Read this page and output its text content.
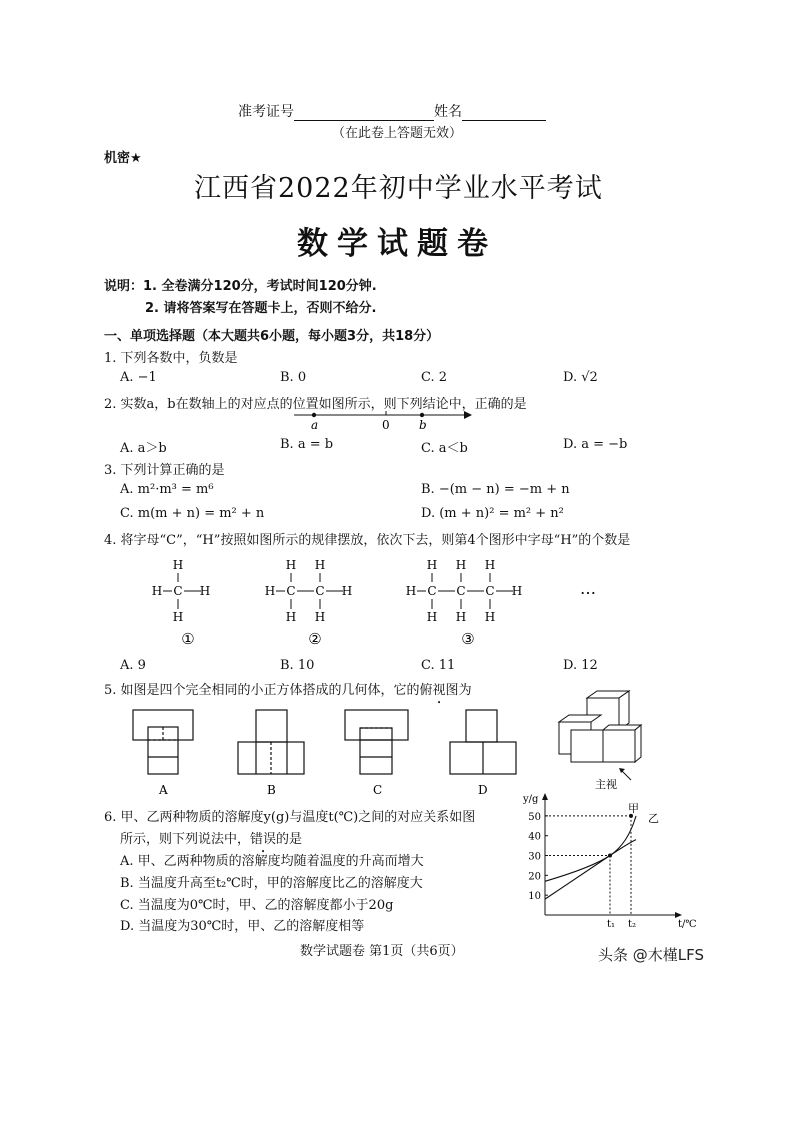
准考证号	姓名
（在此卷上答题无效）
机密★
江西省2022年初中学业水平考试
数学试题卷
说明：1. 全卷满分120分，考试时间120分钟.
2. 请将答案写在答题卡上，否则不给分.
一、单项选择题（本大题共6小题，每小题3分，共18分）
1. 下列各数中，负数是
A. −1	B. 0	C. 2	D. √2
2. 实数a，b在数轴上的对应点的位置如图所示，则下列结论中，正确的是
a	0 b
A. a＞b	B. a = b	C. a＜b	D. a = −b
3. 下列计算正确的是
A. m²·m³ = m⁶	B. −(m − n) = −m + n
C. m(m + n) = m² + n	D. (m + n)² = m² + n²
4. 将字母“C”，“H”按照如图所示的规律摆放，依次下去，则第4个图形中字母“H”的个数是
H C
H
H
H	H C
H
H
C
H
H
H	H C
H
H
C
H
H
C
H
H
H
①	②	③
…
A. 9	B. 10	C. 11	D. 12
5. 如图是四个完全相同的小正方体搭成的几何体，它的俯视图为
A	B	C	D	主视
6. 甲、乙两种物质的溶解度y(g)与温度t(℃)之间的对应关系如图
所示，则下列说法中，错误的是
A. 甲、乙两种物质的溶解度均随着温度的升高而增大
B. 当温度升高至t₂℃时，甲的溶解度比乙的溶解度大
C. 当温度为0℃时，甲、乙的溶解度都小于20g
D. 当温度为30℃时，甲、乙的溶解度相等
y/g
t/℃
10
20
30
40
50
t₁ t₂
甲
乙
数学试题卷 第1页（共6页）	头条 @木槿LFS
